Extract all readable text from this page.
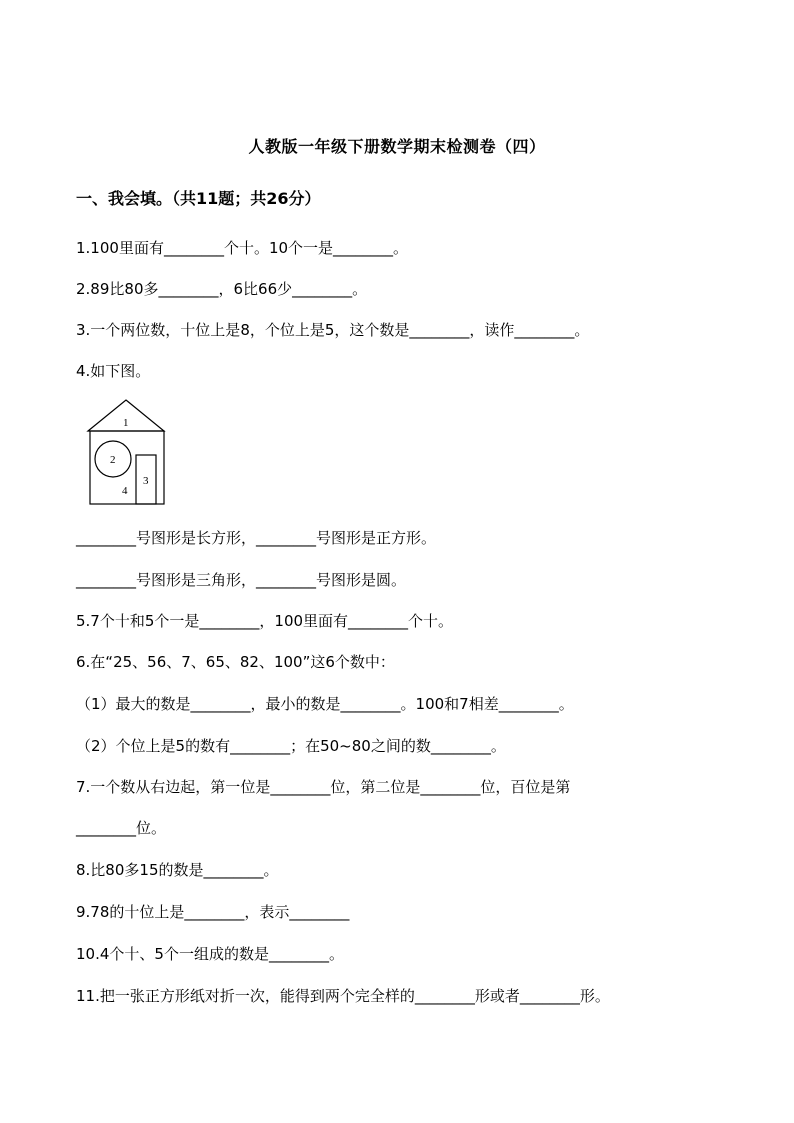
人教版一年级下册数学期末检测卷（四）
一、我会填。（共11题；共26分）
1.100里面有________个十。10个一是________。
2.89比80多________，6比66少________。
3.一个两位数，十位上是8，个位上是5，这个数是________，读作________。
4.如下图。
1
2
3
4
________号图形是长方形，________号图形是正方形。
________号图形是三角形，________号图形是圆。
5.7个十和5个一是________，100里面有________个十。
6.在“25、56、7、65、82、100”这6个数中：
（1）最大的数是________，最小的数是________。100和7相差________。
（2）个位上是5的数有________；在50~80之间的数________。
7.一个数从右边起，第一位是________位，第二位是________位，百位是第
________位。
8.比80多15的数是________。
9.78的十位上是________，表示________
10.4个十、5个一组成的数是________。
11.把一张正方形纸对折一次，能得到两个完全样的________形或者________形。
